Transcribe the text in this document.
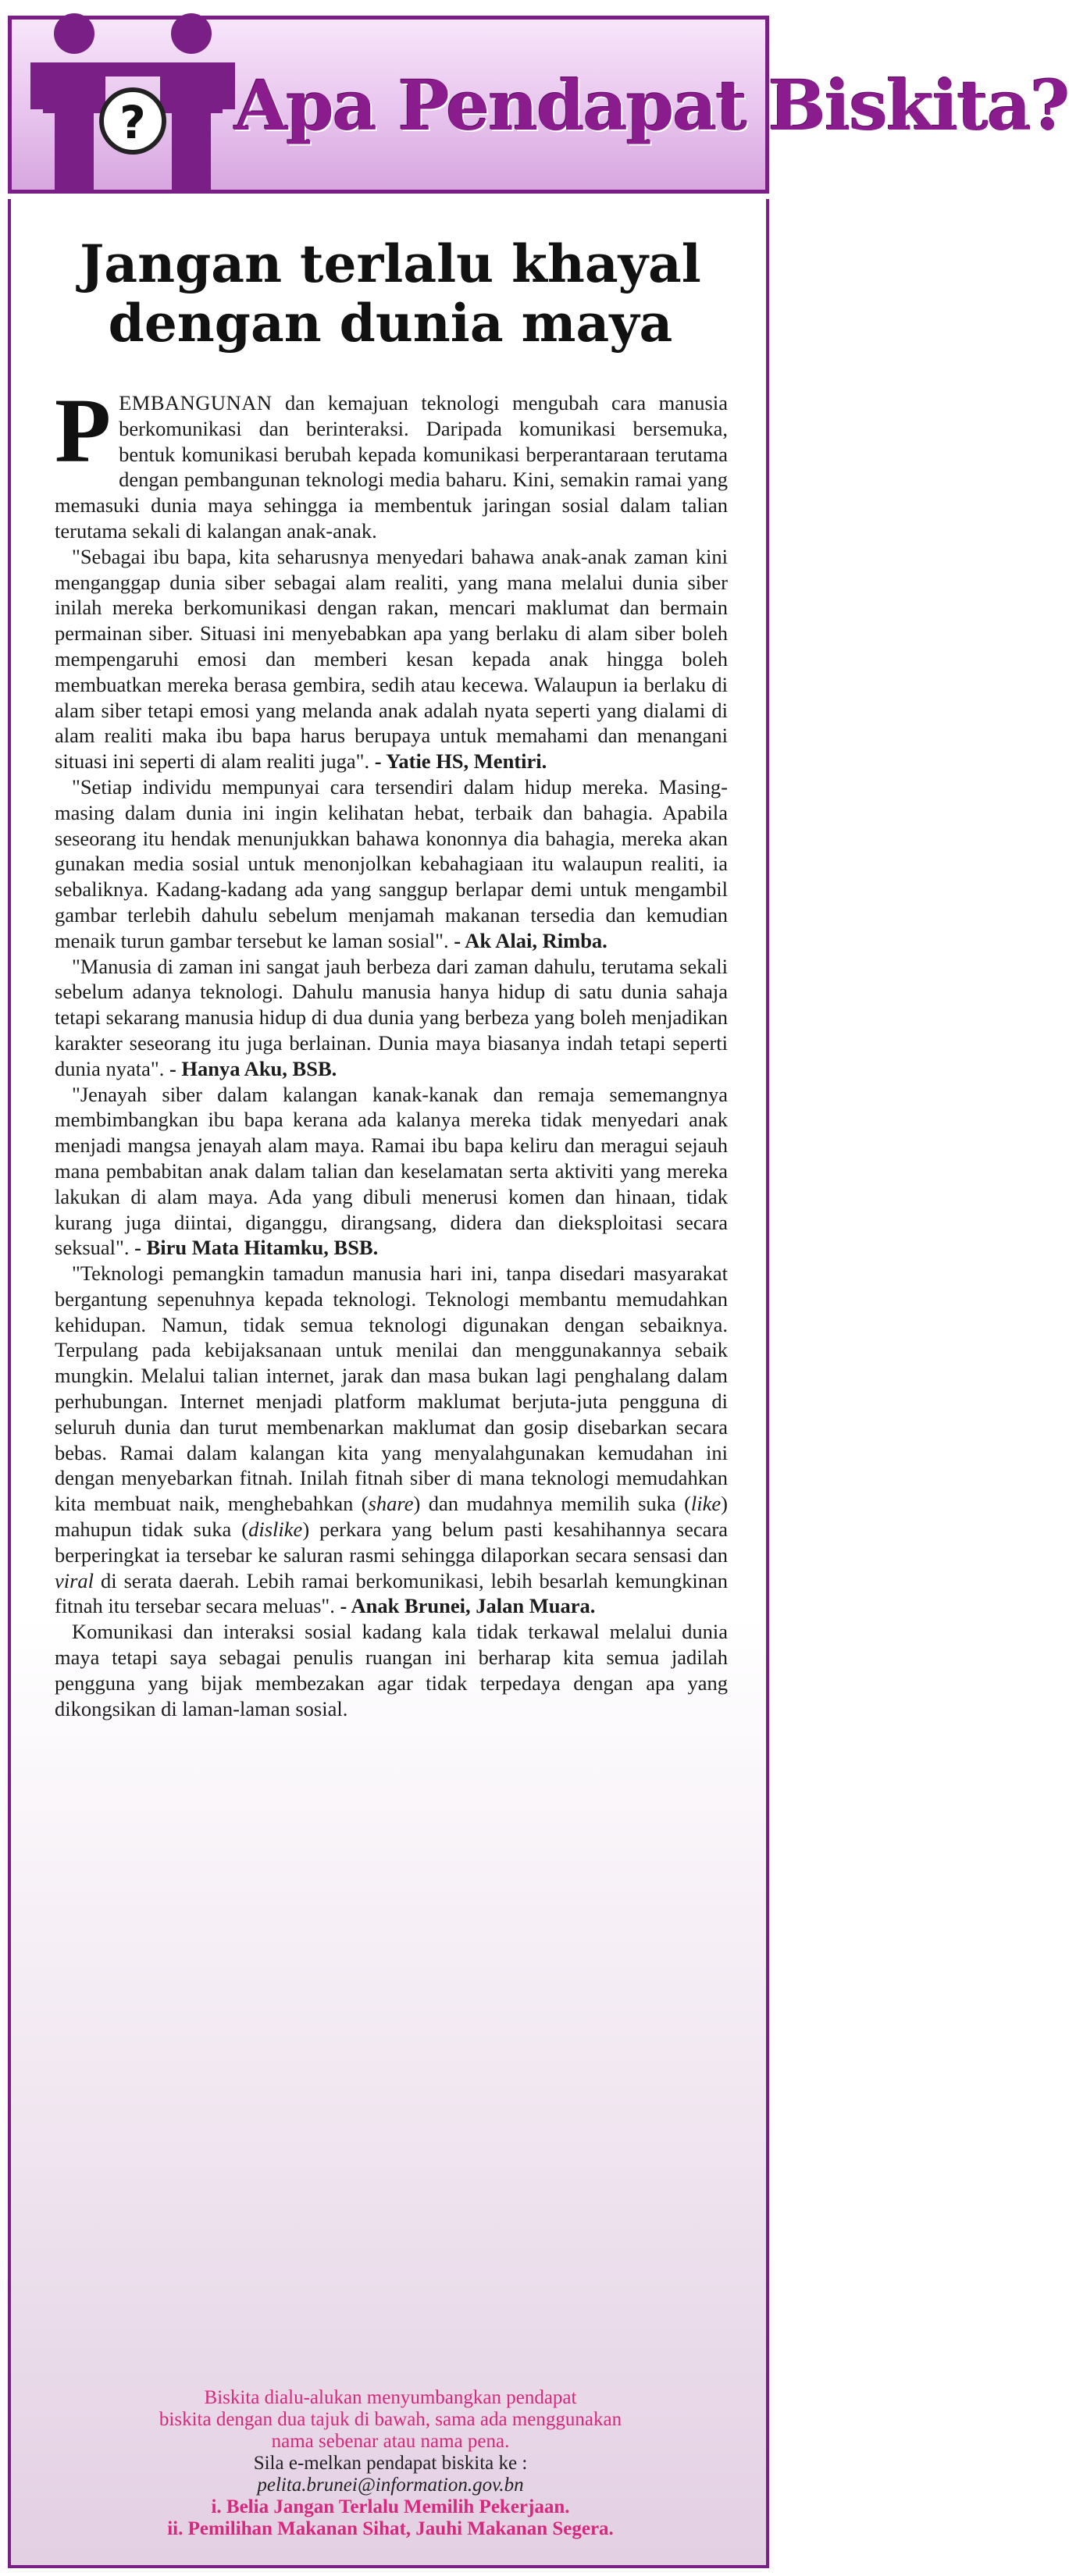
? Apa Pendapat Biskita?
Jangan terlalu khayal
dengan dunia maya

PEMBANGUNAN dan kemajuan teknologi mengubah cara manusia berkomunikasi dan berinteraksi. Daripada komunikasi bersemuka, bentuk komunikasi berubah kepada komunikasi berperantaraan terutama dengan pembangunan teknologi media baharu. Kini, semakin ramai yang memasuki dunia maya sehingga ia membentuk jaringan sosial dalam talian terutama sekali di kalangan anak-anak.

"Sebagai ibu bapa, kita seharusnya menyedari bahawa anak-anak zaman kini menganggap dunia siber sebagai alam realiti, yang mana melalui dunia siber inilah mereka berkomunikasi dengan rakan, mencari maklumat dan bermain permainan siber. Situasi ini menyebabkan apa yang berlaku di alam siber boleh mempengaruhi emosi dan memberi kesan kepada anak hingga boleh membuatkan mereka berasa gembira, sedih atau kecewa. Walaupun ia berlaku di alam siber tetapi emosi yang melanda anak adalah nyata seperti yang dialami di alam realiti maka ibu bapa harus berupaya untuk memahami dan menangani situasi ini seperti di alam realiti juga". - Yatie HS, Mentiri.

"Setiap individu mempunyai cara tersendiri dalam hidup mereka. Masing-masing dalam dunia ini ingin kelihatan hebat, terbaik dan bahagia. Apabila seseorang itu hendak menunjukkan bahawa kononnya dia bahagia, mereka akan gunakan media sosial untuk menonjolkan kebahagiaan itu walaupun realiti, ia sebaliknya. Kadang-kadang ada yang sanggup berlapar demi untuk mengambil gambar terlebih dahulu sebelum menjamah makanan tersedia dan kemudian menaik turun gambar tersebut ke laman sosial". - Ak Alai, Rimba.

"Manusia di zaman ini sangat jauh berbeza dari zaman dahulu, terutama sekali sebelum adanya teknologi. Dahulu manusia hanya hidup di satu dunia sahaja tetapi sekarang manusia hidup di dua dunia yang berbeza yang boleh menjadikan karakter seseorang itu juga berlainan. Dunia maya biasanya indah tetapi seperti dunia nyata". - Hanya Aku, BSB.

"Jenayah siber dalam kalangan kanak-kanak dan remaja sememangnya membimbangkan ibu bapa kerana ada kalanya mereka tidak menyedari anak menjadi mangsa jenayah alam maya. Ramai ibu bapa keliru dan meragui sejauh mana pembabitan anak dalam talian dan keselamatan serta aktiviti yang mereka lakukan di alam maya. Ada yang dibuli menerusi komen dan hinaan, tidak kurang juga diintai, diganggu, dirangsang, didera dan dieksploitasi secara seksual". - Biru Mata Hitamku, BSB.

"Teknologi pemangkin tamadun manusia hari ini, tanpa disedari masyarakat bergantung sepenuhnya kepada teknologi. Teknologi membantu memudahkan kehidupan. Namun, tidak semua teknologi digunakan dengan sebaiknya. Terpulang pada kebijaksanaan untuk menilai dan menggunakannya sebaik mungkin. Melalui talian internet, jarak dan masa bukan lagi penghalang dalam perhubungan. Internet menjadi platform maklumat berjuta-juta pengguna di seluruh dunia dan turut membenarkan maklumat dan gosip disebarkan secara bebas. Ramai dalam kalangan kita yang menyalahgunakan kemudahan ini dengan menyebarkan fitnah. Inilah fitnah siber di mana teknologi memudahkan kita membuat naik, menghebahkan (share) dan mudahnya memilih suka (like) mahupun tidak suka (dislike) perkara yang belum pasti kesahihannya secara berperingkat ia tersebar ke saluran rasmi sehingga dilaporkan secara sensasi dan viral di serata daerah. Lebih ramai berkomunikasi, lebih besarlah kemungkinan fitnah itu tersebar secara meluas". - Anak Brunei, Jalan Muara.

Komunikasi dan interaksi sosial kadang kala tidak terkawal melalui dunia maya tetapi saya sebagai penulis ruangan ini berharap kita semua jadilah pengguna yang bijak membezakan agar tidak terpedaya dengan apa yang dikongsikan di laman-laman sosial.

Biskita dialu-alukan menyumbangkan pendapat
biskita dengan dua tajuk di bawah, sama ada menggunakan
nama sebenar atau nama pena.
Sila e-melkan pendapat biskita ke :
pelita.brunei@information.gov.bn
i. Belia Jangan Terlalu Memilih Pekerjaan.
ii. Pemilihan Makanan Sihat, Jauhi Makanan Segera.
